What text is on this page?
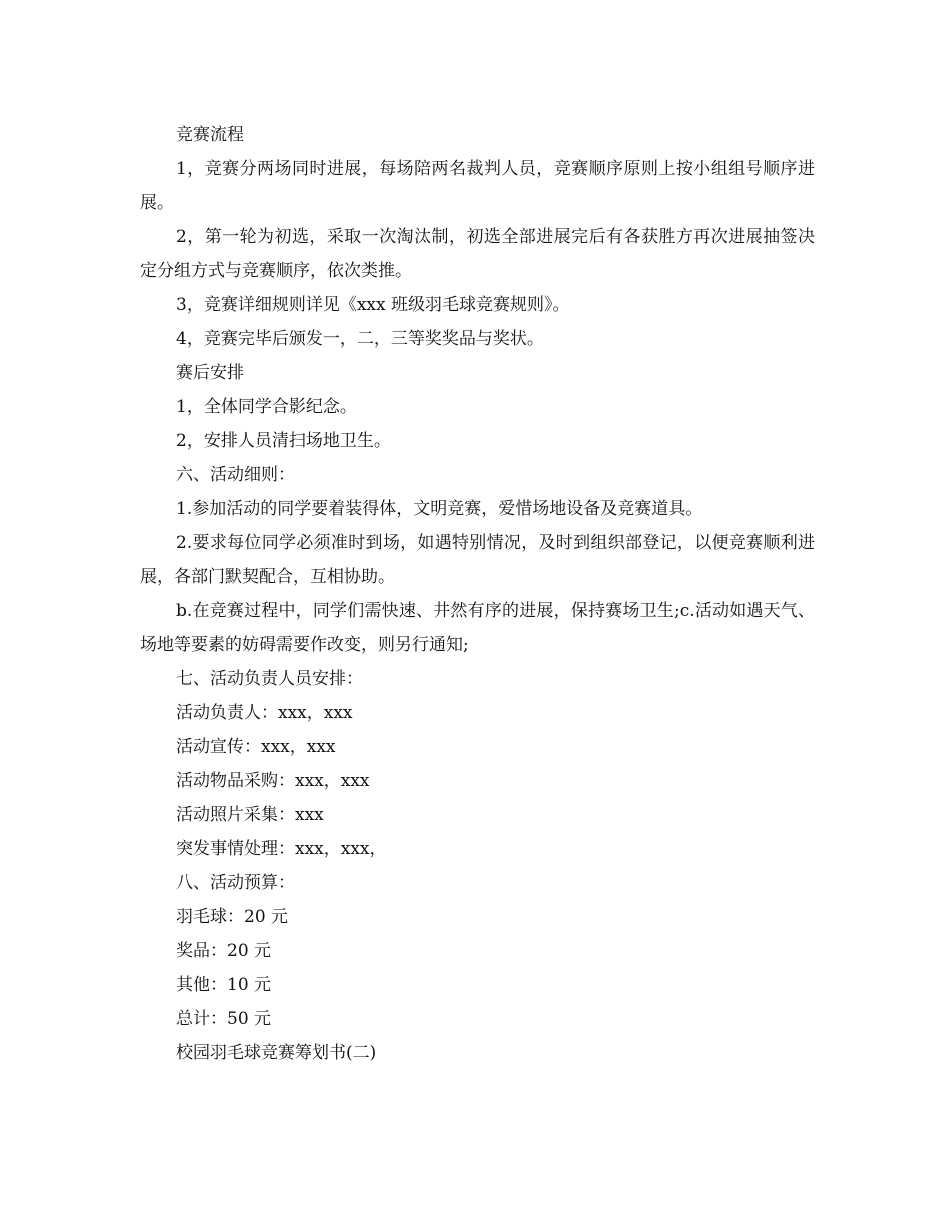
竞赛流程

1，竞赛分两场同时进展，每场陪两名裁判人员，竞赛顺序原则上按小组组号顺序进展。

2，第一轮为初选，采取一次淘汰制，初选全部进展完后有各获胜方再次进展抽签决定分组方式与竞赛顺序，依次类推。

3，竞赛详细规则详见《xxx 班级羽毛球竞赛规则》。

4，竞赛完毕后颁发一，二，三等奖奖品与奖状。

赛后安排

1，全体同学合影纪念。

2，安排人员清扫场地卫生。

六、活动细则：

1.参加活动的同学要着装得体，文明竞赛，爱惜场地设备及竞赛道具。

2.要求每位同学必须准时到场，如遇特别情况，及时到组织部登记，以便竞赛顺利进展，各部门默契配合，互相协助。

b.在竞赛过程中，同学们需快速、井然有序的进展，保持赛场卫生;c.活动如遇天气、场地等要素的妨碍需要作改变，则另行通知;

七、活动负责人员安排：

活动负责人：xxx，xxx

活动宣传：xxx，xxx

活动物品采购：xxx，xxx

活动照片采集：xxx

突发事情处理：xxx，xxx，

八、活动预算：

羽毛球：20 元

奖品：20 元

其他：10 元

总计：50 元

校园羽毛球竞赛筹划书(二)
